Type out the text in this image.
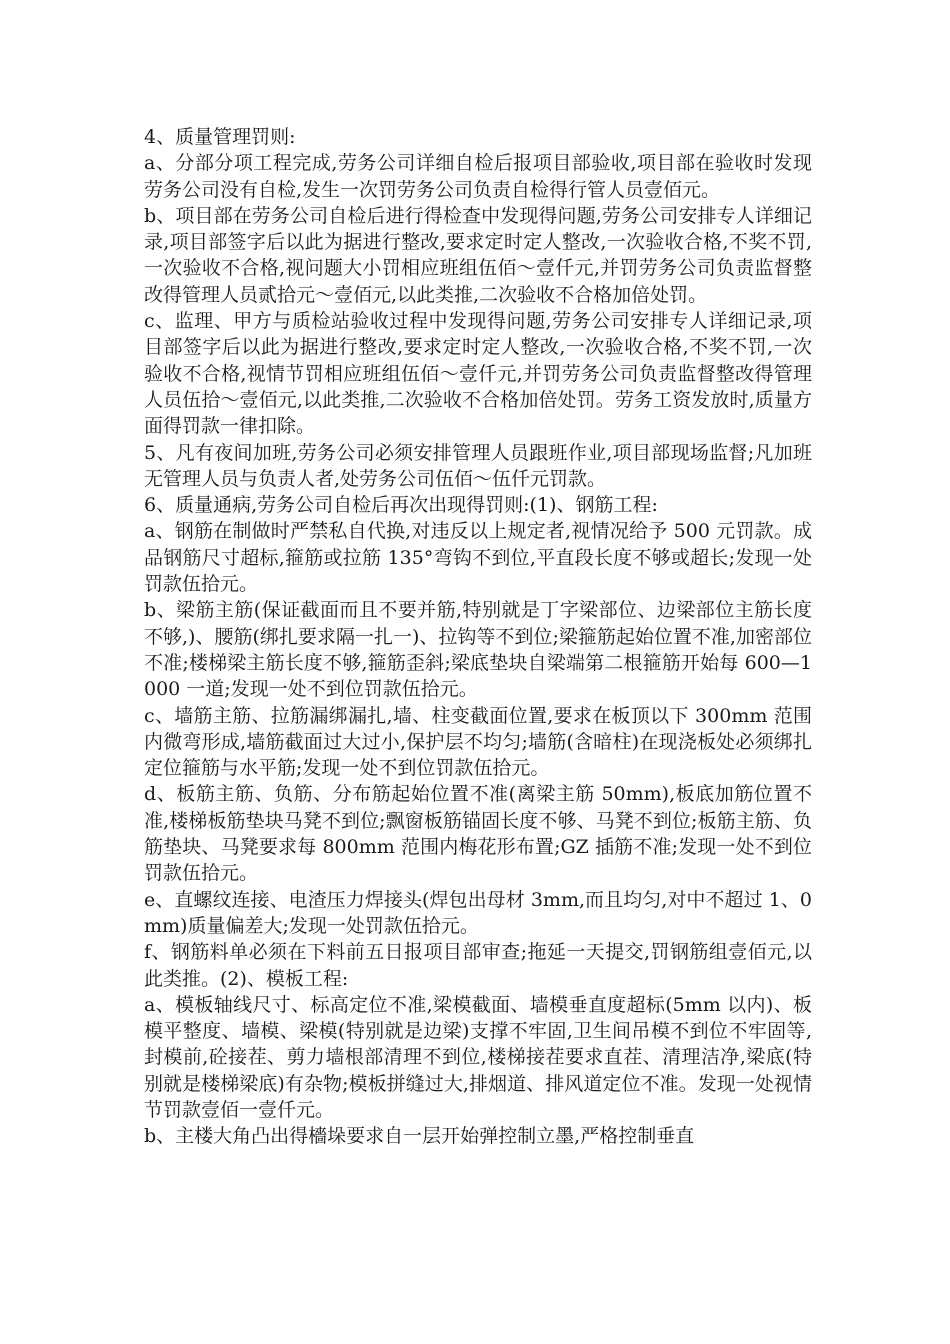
4、质量管理罚则:

a、分部分项工程完成,劳务公司详细自检后报项目部验收,项目部在验收时发现劳务公司没有自检,发生一次罚劳务公司负责自检得行管人员壹佰元。

b、项目部在劳务公司自检后进行得检查中发现得问题,劳务公司安排专人详细记录,项目部签字后以此为据进行整改,要求定时定人整改,一次验收合格,不奖不罚,一次验收不合格,视问题大小罚相应班组伍佰～壹仟元,并罚劳务公司负责监督整改得管理人员贰拾元～壹佰元,以此类推,二次验收不合格加倍处罚。

c、监理、甲方与质检站验收过程中发现得问题,劳务公司安排专人详细记录,项目部签字后以此为据进行整改,要求定时定人整改,一次验收合格,不奖不罚,一次验收不合格,视情节罚相应班组伍佰～壹仟元,并罚劳务公司负责监督整改得管理人员伍拾～壹佰元,以此类推,二次验收不合格加倍处罚。劳务工资发放时,质量方面得罚款一律扣除。

5、凡有夜间加班,劳务公司必须安排管理人员跟班作业,项目部现场监督;凡加班无管理人员与负责人者,处劳务公司伍佰～伍仟元罚款。

6、质量通病,劳务公司自检后再次出现得罚则:(1)、钢筋工程:

a、钢筋在制做时严禁私自代换,对违反以上规定者,视情况给予 500 元罚款。成品钢筋尺寸超标,箍筋或拉筋 135°弯钩不到位,平直段长度不够或超长;发现一处罚款伍拾元。

b、梁筋主筋(保证截面而且不要并筋,特别就是丁字梁部位、边梁部位主筋长度不够,)、腰筋(绑扎要求隔一扎一)、拉钩等不到位;梁箍筋起始位置不准,加密部位不准;楼梯梁主筋长度不够,箍筋歪斜;梁底垫块自梁端第二根箍筋开始每 600—1000 一道;发现一处不到位罚款伍拾元。

c、墙筋主筋、拉筋漏绑漏扎,墙、柱变截面位置,要求在板顶以下 300mm 范围内微弯形成,墙筋截面过大过小,保护层不均匀;墙筋(含暗柱)在现浇板处必须绑扎定位箍筋与水平筋;发现一处不到位罚款伍拾元。

d、板筋主筋、负筋、分布筋起始位置不准(离梁主筋 50mm),板底加筋位置不准,楼梯板筋垫块马凳不到位;飘窗板筋锚固长度不够、马凳不到位;板筋主筋、负筋垫块、马凳要求每 800mm 范围内梅花形布置;GZ 插筋不准;发现一处不到位罚款伍拾元。

e、直螺纹连接、电渣压力焊接头(焊包出母材 3mm,而且均匀,对中不超过 1、0mm)质量偏差大;发现一处罚款伍拾元。

f、钢筋料单必须在下料前五日报项目部审查;拖延一天提交,罚钢筋组壹佰元,以此类推。(2)、模板工程:

a、模板轴线尺寸、标高定位不准,梁模截面、墙模垂直度超标(5mm 以内)、板模平整度、墙模、梁模(特别就是边梁)支撑不牢固,卫生间吊模不到位不牢固等,封模前,砼接茬、剪力墙根部清理不到位,楼梯接茬要求直茬、清理洁净,梁底(特别就是楼梯梁底)有杂物;模板拼缝过大,排烟道、排风道定位不准。发现一处视情节罚款壹佰一壹仟元。

b、主楼大角凸出得檣垛要求自一层开始弹控制立墨,严格控制垂直
